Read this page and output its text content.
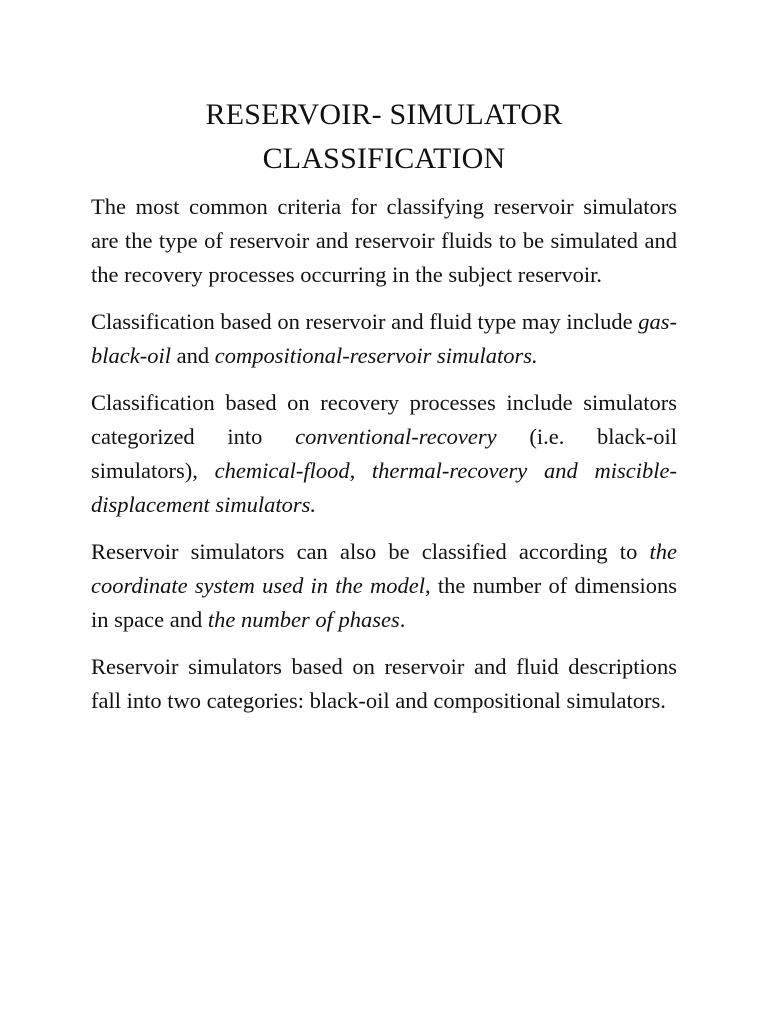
RESERVOIR- SIMULATOR
CLASSIFICATION

The most common criteria for classifying reservoir simulators are the type of reservoir and reservoir fluids to be simulated and the recovery processes occurring in the subject reservoir.

Classification based on reservoir and fluid type may include gas-black-oil and compositional-reservoir simulators.

Classification based on recovery processes include simulators categorized into conventional-recovery (i.e. black-oil simulators), chemical-flood, thermal-recovery and miscible-displacement simulators.

Reservoir simulators can also be classified according to the coordinate system used in the model, the number of dimensions in space and the number of phases.

Reservoir simulators based on reservoir and fluid descriptions fall into two categories: black-oil and compositional simulators.
